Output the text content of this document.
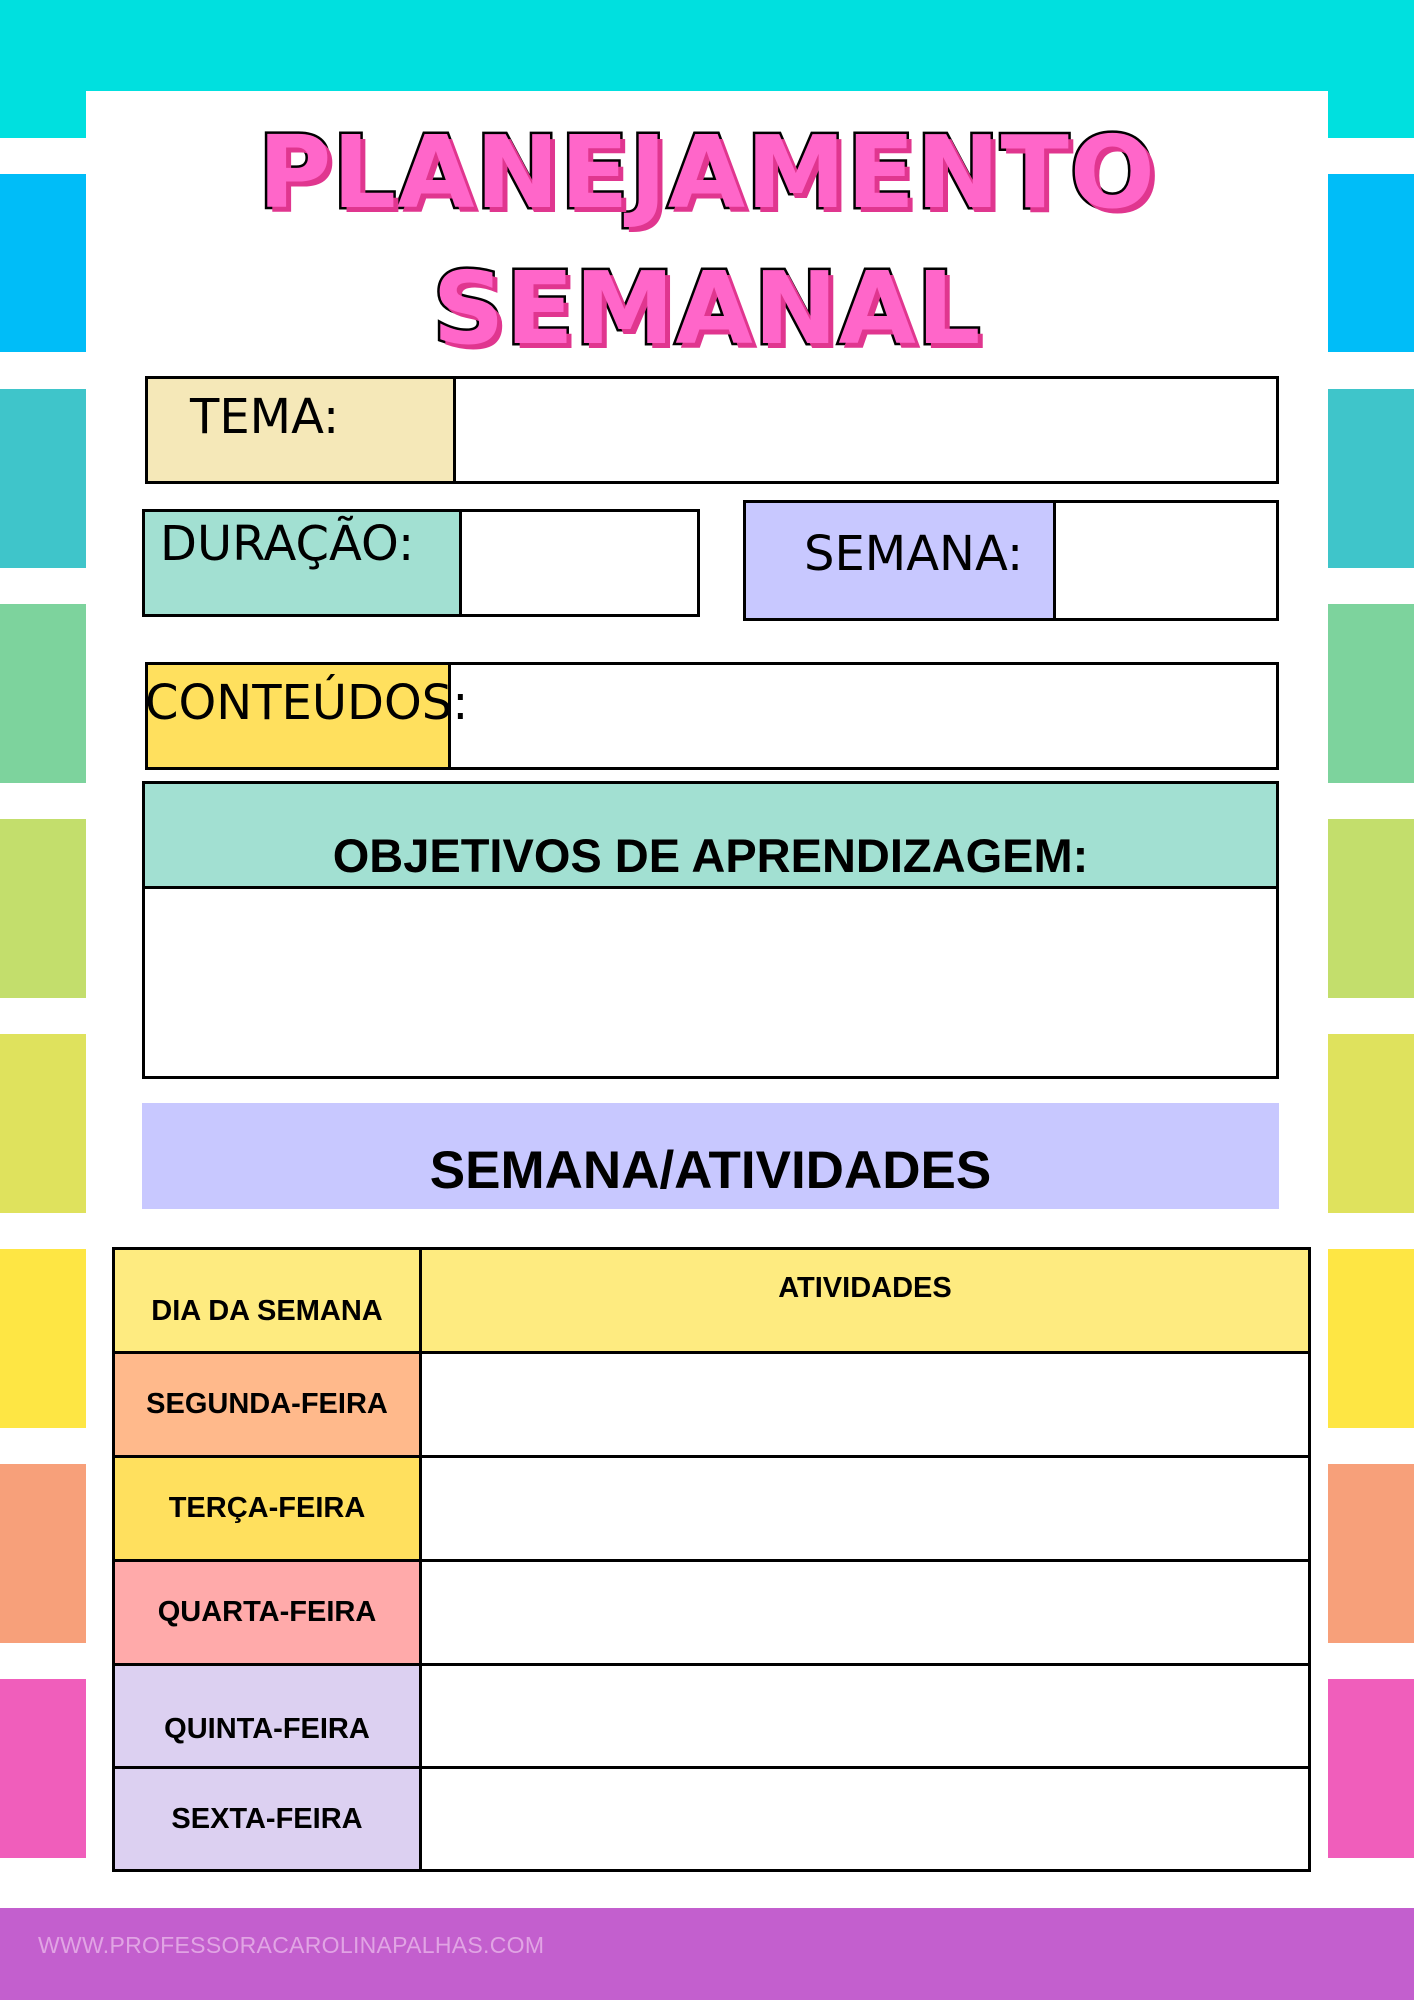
WWW.PROFESSORACAROLINAPALHAS.COM
PLANEJAMENTO
SEMANAL
TEMA:
DURAÇÃO:	SEMANA:
CONTEÚDOS:
OBJETIVOS DE APRENDIZAGEM:
SEMANA/ATIVIDADES
DIA DA SEMANA	ATIVIDADES
SEGUNDA-FEIRA	
TERÇA-FEIRA	
QUARTA-FEIRA	
QUINTA-FEIRA	
SEXTA-FEIRA	
